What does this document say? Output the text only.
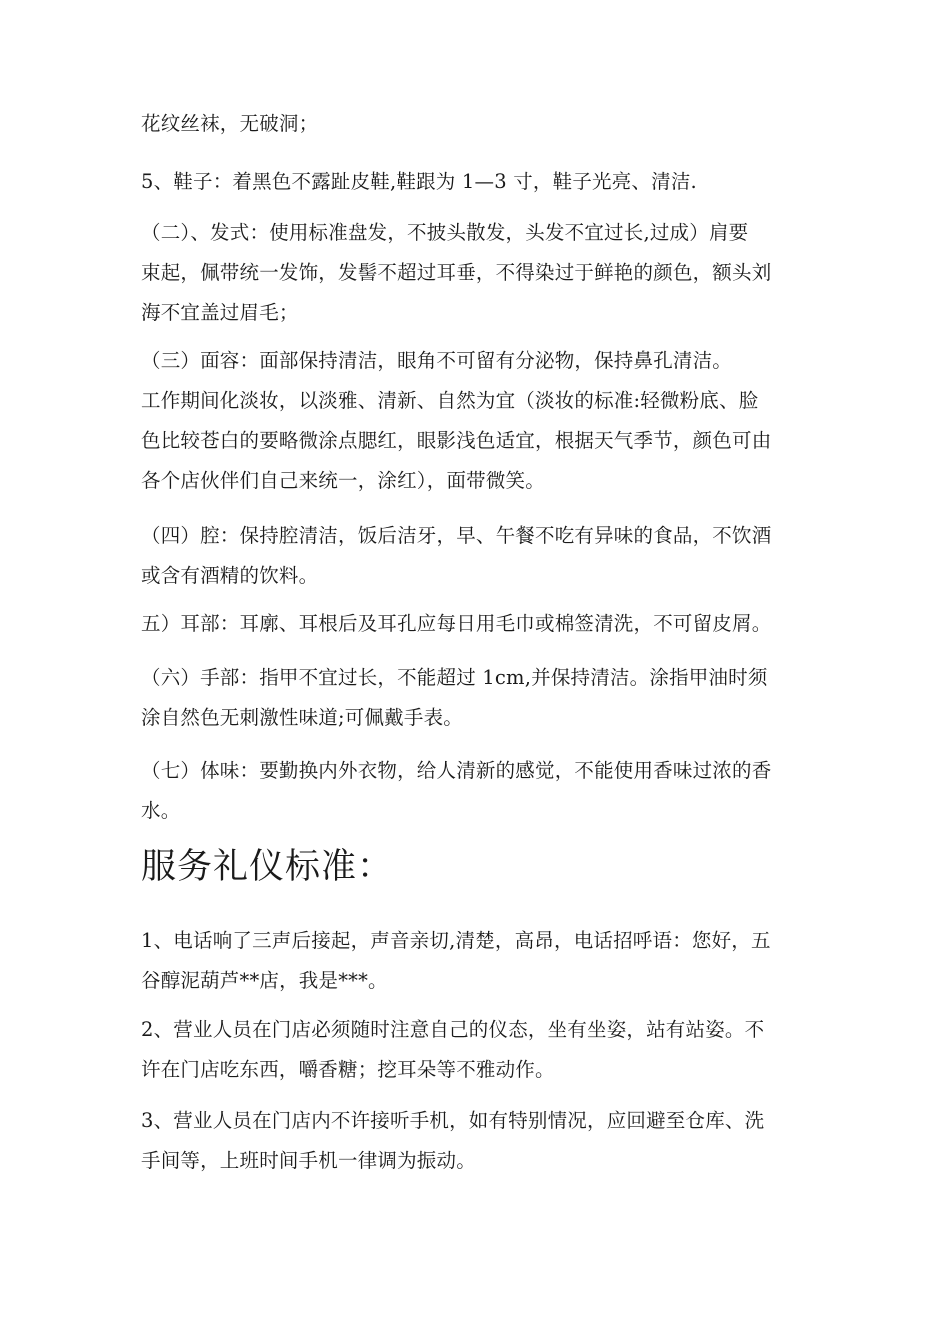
花纹丝袜，无破洞；

5、鞋子：着黑色不露趾皮鞋,鞋跟为 1—3 寸，鞋子光亮、清洁.

（二）、发式：使用标准盘发，不披头散发，头发不宜过长,过成）肩要
束起，佩带统一发饰，发髻不超过耳垂，不得染过于鲜艳的颜色，额头刘
海不宜盖过眉毛；

（三）面容：面部保持清洁，眼角不可留有分泌物，保持鼻孔清洁。
工作期间化淡妆，以淡雅、清新、自然为宜（淡妆的标准:轻微粉底、脸
色比较苍白的要略微涂点腮红，眼影浅色适宜，根据天气季节，颜色可由
各个店伙伴们自己来统一，涂红），面带微笑。

（四）腔：保持腔清洁，饭后洁牙，早、午餐不吃有异味的食品，不饮酒
或含有酒精的饮料。

五）耳部：耳廓、耳根后及耳孔应每日用毛巾或棉签清洗，不可留皮屑。

（六）手部：指甲不宜过长，不能超过 1cm,并保持清洁。涂指甲油时须
涂自然色无刺激性味道;可佩戴手表。

（七）体味：要勤换内外衣物，给人清新的感觉，不能使用香味过浓的香
水。

服务礼仪标准：

1、电话响了三声后接起，声音亲切,清楚，高昂，电话招呼语：您好，五
谷醇泥葫芦**店，我是***。

2、营业人员在门店必须随时注意自己的仪态，坐有坐姿，站有站姿。不
许在门店吃东西，嚼香糖；挖耳朵等不雅动作。

3、营业人员在门店内不许接听手机，如有特别情况，应回避至仓库、洗
手间等，上班时间手机一律调为振动。
